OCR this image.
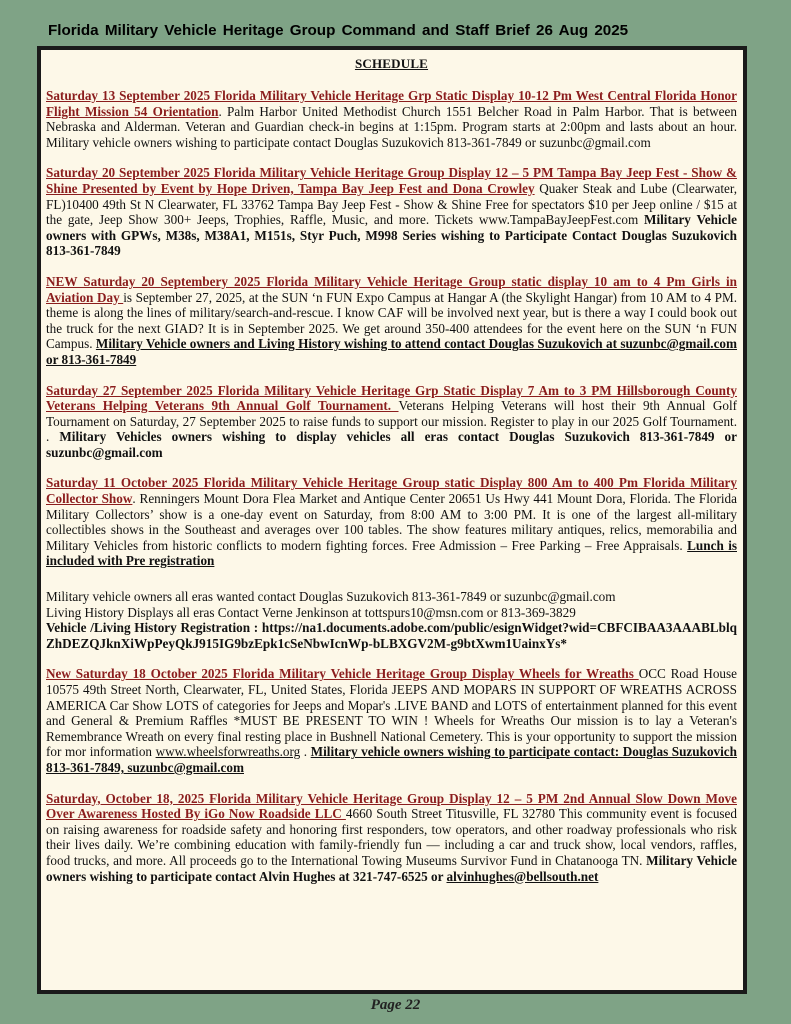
Florida Military Vehicle Heritage Group Command and Staff Brief 26 Aug 2025
SCHEDULE
Saturday 13 September 2025 Florida Military Vehicle Heritage Grp Static Display 10-12 Pm West Central Florida Honor Flight Mission 54 Orientation. Palm Harbor United Methodist Church 1551 Belcher Road in Palm Harbor. That is between Nebraska and Alderman. Veteran and Guardian check-in begins at 1:15pm. Program starts at 2:00pm and lasts about an hour. Military vehicle owners wishing to participate contact Douglas Suzukovich 813-361-7849 or suzunbc@gmail.com
Saturday 20 September 2025 Florida Military Vehicle Heritage Group Display 12 – 5 PM Tampa Bay Jeep Fest - Show & Shine Presented by Event by Hope Driven, Tampa Bay Jeep Fest and Dona Crowley Quaker Steak and Lube (Clearwater, FL)10400 49th St N Clearwater, FL 33762 Tampa Bay Jeep Fest - Show & Shine Free for spectators $10 per Jeep online / $15 at the gate, Jeep Show 300+ Jeeps, Trophies, Raffle, Music, and more. Tickets www.TampaBayJeepFest.com Military Vehicle owners with GPWs, M38s, M38A1, M151s, Styr Puch, M998 Series wishing to Participate Contact Douglas Suzukovich 813-361-7849
NEW Saturday 20 Septembery 2025 Florida Military Vehicle Heritage Group static display 10 am to 4 Pm Girls in Aviation Day is September 27, 2025, at the SUN ‘n FUN Expo Campus at Hangar A (the Skylight Hangar) from 10 AM to 4 PM. theme is along the lines of military/search-and-rescue. I know CAF will be involved next year, but is there a way I could book out the truck for the next GIAD? It is in September 2025. We get around 350-400 attendees for the event here on the SUN ‘n FUN Campus. Military Vehicle owners and Living History wishing to attend contact Douglas Suzukovich at suzunbc@gmail.com or 813-361-7849
Saturday 27 September 2025 Florida Military Vehicle Heritage Grp Static Display 7 Am to 3 PM Hillsborough County Veterans Helping Veterans 9th Annual Golf Tournament. Veterans Helping Veterans will host their 9th Annual Golf Tournament on Saturday, 27 September 2025 to raise funds to support our mission. Register to play in our 2025 Golf Tournament. . Military Vehicles owners wishing to display vehicles all eras contact Douglas Suzukovich 813-361-7849 or suzunbc@gmail.com
Saturday 11 October 2025 Florida Military Vehicle Heritage Group static Display 800 Am to 400 Pm Florida Military Collector Show. Renningers Mount Dora Flea Market and Antique Center 20651 Us Hwy 441 Mount Dora, Florida. The Florida Military Collectors’ show is a one-day event on Saturday, from 8:00 AM to 3:00 PM. It is one of the largest all-military collectibles shows in the Southeast and averages over 100 tables. The show features military antiques, relics, memorabilia and Military Vehicles from historic conflicts to modern fighting forces. Free Admission – Free Parking – Free Appraisals. Lunch is included with Pre registration
Military vehicle owners all eras wanted contact Douglas Suzukovich 813-361-7849 or suzunbc@gmail.com
Living History Displays all eras Contact Verne Jenkinson at tottspurs10@msn.com or 813-369-3829
Vehicle /Living History Registration : https://na1.documents.adobe.com/public/esignWidget?wid=CBFCIBAA3AAABLblqZhDEZQJknXiWpPeyQkJ915IG9bzEpk1cSeNbwIcnWp-bLBXGV2M-g9btXwm1UainxYs*
New Saturday 18 October 2025 Florida Military Vehicle Heritage Group Display Wheels for Wreaths OCC Road House 10575 49th Street North, Clearwater, FL, United States, Florida JEEPS AND MOPARS IN SUPPORT OF WREATHS ACROSS AMERICA Car Show LOTS of categories for Jeeps and Mopar's .LIVE BAND and LOTS of entertainment planned for this event and General & Premium Raffles *MUST BE PRESENT TO WIN ! Wheels for Wreaths Our mission is to lay a Veteran's Remembrance Wreath on every final resting place in Bushnell National Cemetery. This is your opportunity to support the mission for mor information www.wheelsforwreaths.org . Military vehicle owners wishing to participate contact: Douglas Suzukovich 813-361-7849, suzunbc@gmail.com
Saturday, October 18, 2025 Florida Military Vehicle Heritage Group Display 12 – 5 PM 2nd Annual Slow Down Move Over Awareness Hosted By iGo Now Roadside LLC 4660 South Street Titusville, FL 32780 This community event is focused on raising awareness for roadside safety and honoring first responders, tow operators, and other roadway professionals who risk their lives daily. We’re combining education with family-friendly fun — including a car and truck show, local vendors, raffles, food trucks, and more. All proceeds go to the International Towing Museums Survivor Fund in Chatanooga TN. Military Vehicle owners wishing to participate contact Alvin Hughes at 321-747-6525 or alvinhughes@bellsouth.net
Page 22
